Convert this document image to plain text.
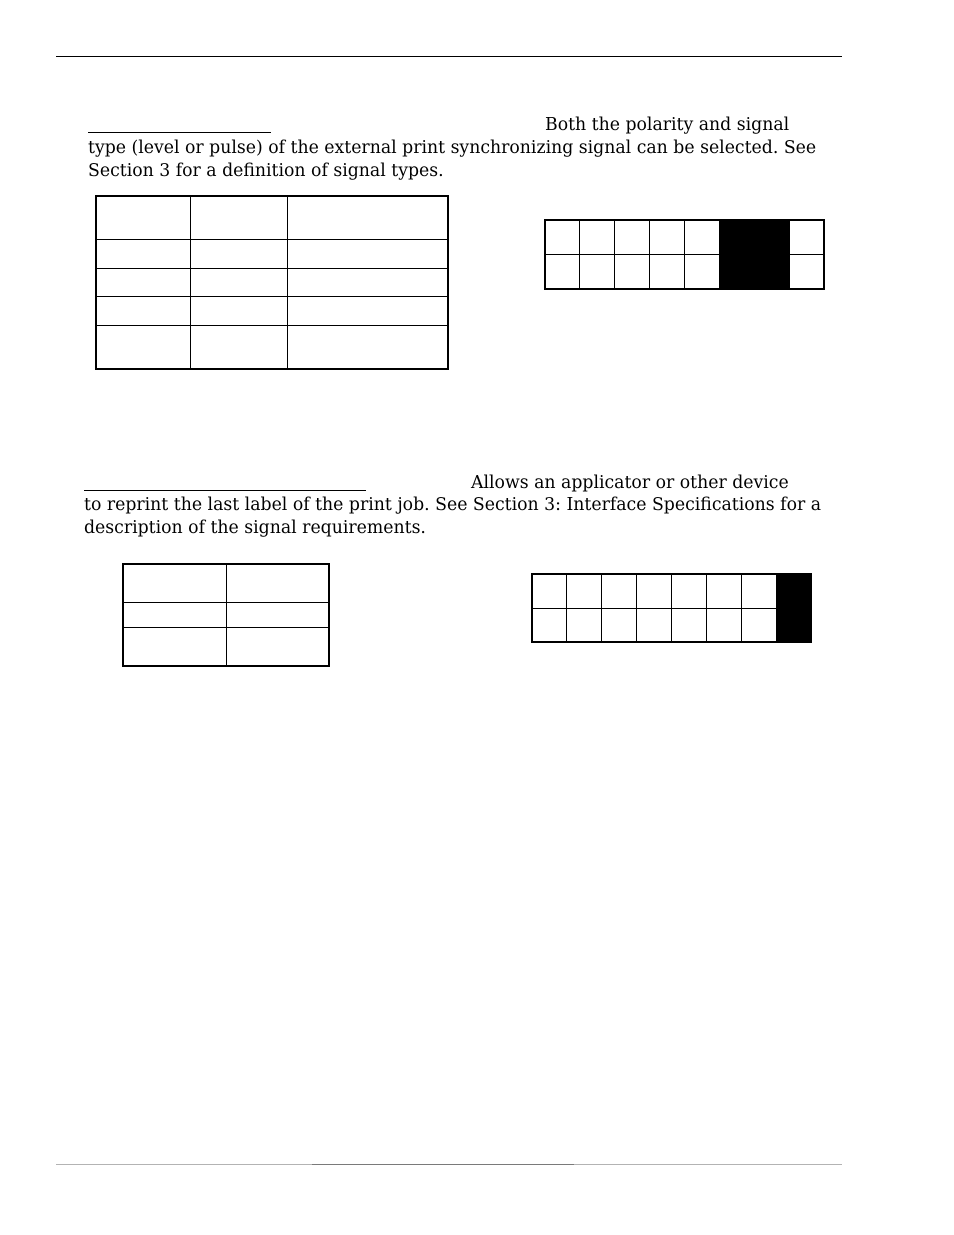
Both the polarity and signal
type (level or pulse) of the external print synchronizing signal can be selected. See
Section 3 for a definition of signal types.

Allows an applicator or other device
to reprint the last label of the print job. See Section 3: Interface Specifications for a
description of the signal requirements.
